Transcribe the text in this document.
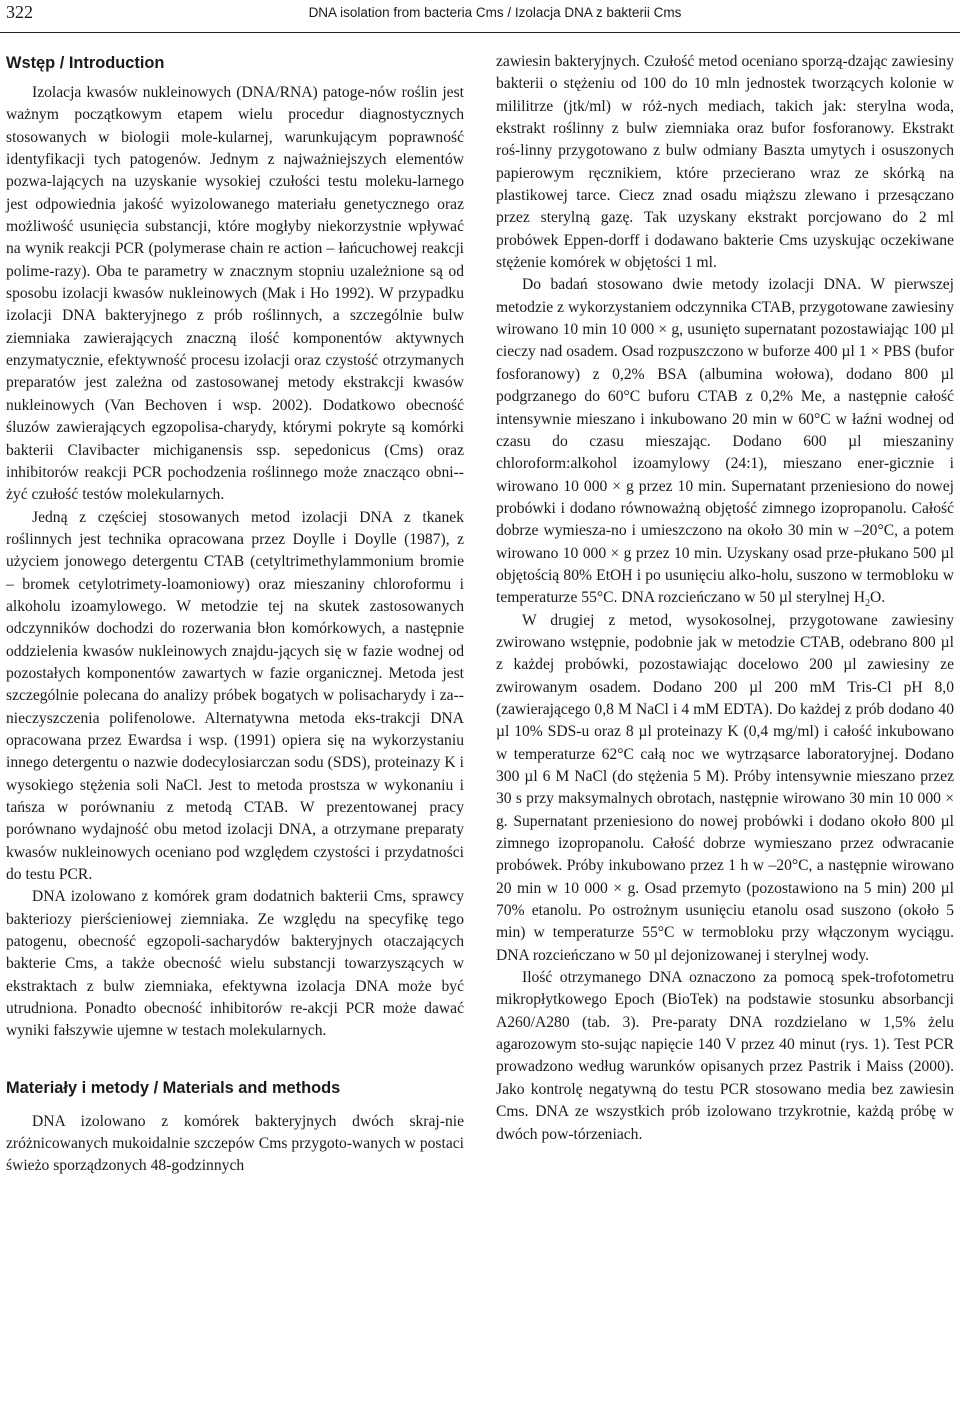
322	DNA isolation from bacteria Cms / Izolacja DNA z bakterii Cms
Wstęp / Introduction

Izolacja kwasów nukleinowych (DNA/RNA) patoge-nów roślin jest ważnym początkowym etapem wielu procedur diagnostycznych stosowanych w biologii mole-kularnej, warunkującym poprawność identyfikacji tych patogenów. Jednym z najważniejszych elementów pozwa-lających na uzyskanie wysokiej czułości testu moleku-larnego jest odpowiednia jakość wyizolowanego materiału genetycznego oraz możliwość usunięcia substancji, które mogłyby niekorzystnie wpływać na wynik reakcji PCR (polymerase chain re action – łańcuchowej reakcji polime-razy). Oba te parametry w znacznym stopniu uzależnione są od sposobu izolacji kwasów nukleinowych (Mak i Ho 1992). W przypadku izolacji DNA bakteryjnego z prób roślinnych, a szczególnie bulw ziemniaka zawierających znaczną ilość komponentów aktywnych enzymatycznie, efektywność procesu izolacji oraz czystość otrzymanych preparatów jest zależna od zastosowanej metody ekstrakcji kwasów nukleinowych (Van Bechoven i wsp. 2002). Dodatkowo obecność śluzów zawierających egzopolisa-charydy, którymi pokryte są komórki bakterii Clavibacter michiganensis ssp. sepedonicus (Cms) oraz inhibitorów reakcji PCR pochodzenia roślinnego może znacząco obni-żyć czułość testów molekularnych.

Jedną z częściej stosowanych metod izolacji DNA z tkanek roślinnych jest technika opracowana przez Doylle i Doylle (1987), z użyciem jonowego detergentu CTAB (cetyltrimethylammonium bromie – bromek cetylotrimety-loamoniowy) oraz mieszaniny chloroformu i alkoholu izoamylowego. W metodzie tej na skutek zastosowanych odczynników dochodzi do rozerwania błon komórkowych, a następnie oddzielenia kwasów nukleinowych znajdu-jących się w fazie wodnej od pozostałych komponentów zawartych w fazie organicznej. Metoda jest szczególnie polecana do analizy próbek bogatych w polisacharydy i za-nieczyszczenia polifenolowe. Alternatywna metoda eks-trakcji DNA opracowana przez Ewardsa i wsp. (1991) opiera się na wykorzystaniu innego detergentu o nazwie dodecylosiarczan sodu (SDS), proteinazy K i wysokiego stężenia soli NaCl. Jest to metoda prostsza w wykonaniu i tańsza w porównaniu z metodą CTAB. W prezentowanej pracy porównano wydajność obu metod izolacji DNA, a otrzymane preparaty kwasów nukleinowych oceniano pod względem czystości i przydatności do testu PCR.

DNA izolowano z komórek gram dodatnich bakterii Cms, sprawcy bakteriozy pierścieniowej ziemniaka. Ze względu na specyfikę tego patogenu, obecność egzopoli-sacharydów bakteryjnych otaczających bakterie Cms, a także obecność wielu substancji towarzyszących w ekstraktach z bulw ziemniaka, efektywna izolacja DNA może być utrudniona. Ponadto obecność inhibitorów re-akcji PCR może dawać wyniki fałszywie ujemne w testach molekularnych.

Materiały i metody / Materials and methods

DNA izolowano z komórek bakteryjnych dwóch skraj-nie zróżnicowanych mukoidalnie szczepów Cms przygoto-wanych w postaci świeżo sporządzonych 48-godzinnych

zawiesin bakteryjnych. Czułość metod oceniano sporzą-dzając zawiesiny bakterii o stężeniu od 100 do 10 mln jednostek tworzących kolonie w mililitrze (jtk/ml) w róż-nych mediach, takich jak: sterylna woda, ekstrakt roślinny z bulw ziemniaka oraz bufor fosforanowy. Ekstrakt roś-linny przygotowano z bulw odmiany Baszta umytych i osuszonych papierowym ręcznikiem, które przecierano wraz ze skórką na plastikowej tarce. Ciecz znad osadu miąższu zlewano i przesączano przez sterylną gazę. Tak uzyskany ekstrakt porcjowano do 2 ml probówek Eppen-dorff i dodawano bakterie Cms uzyskując oczekiwane stężenie komórek w objętości 1 ml.

Do badań stosowano dwie metody izolacji DNA. W pierwszej metodzie z wykorzystaniem odczynnika CTAB, przygotowane zawiesiny wirowano 10 min 10 000 × g, usunięto supernatant pozostawiając 100 µl cieczy nad osadem. Osad rozpuszczono w buforze 400 µl 1 × PBS (bufor fosforanowy) z 0,2% BSA (albumina wołowa), dodano 800 µl podgrzanego do 60°C buforu CTAB z 0,2% Me, a następnie całość intensywnie mieszano i inkubowano 20 min w 60°C w łaźni wodnej od czasu do czasu mieszając. Dodano 600 µl mieszaniny chloroform:alkohol izoamylowy (24:1), mieszano ener-gicznie i wirowano 10 000 × g przez 10 min. Supernatant przeniesiono do nowej probówki i dodano równoważną objętość zimnego izopropanolu. Całość dobrze wymiesza-no i umieszczono na około 30 min w –20°C, a potem wirowano 10 000 × g przez 10 min. Uzyskany osad prze-płukano 500 µl objętością 80% EtOH i po usunięciu alko-holu, suszono w termobloku w temperaturze 55°C. DNA rozcieńczano w 50 µl sterylnej $H_2O$.

W drugiej z metod, wysokosolnej, przygotowane zawiesiny zwirowano wstępnie, podobnie jak w metodzie CTAB, odebrano 800 µl z każdej probówki, pozostawiając docelowo 200 µl zawiesiny ze zwirowanym osadem. Dodano 200 µl 200 mM Tris-Cl pH 8,0 (zawierającego 0,8 M NaCl i 4 mM EDTA). Do każdej z prób dodano 40 µl 10% SDS-u oraz 8 µl proteinazy K (0,4 mg/ml) i całość inkubowano w temperaturze 62°C całą noc we wytrząsarce laboratoryjnej. Dodano 300 µl 6 M NaCl (do stężenia 5 M). Próby intensywnie mieszano przez 30 s przy maksymalnych obrotach, następnie wirowano 30 min 10 000 × g. Supernatant przeniesiono do nowej probówki i dodano około 800 µl zimnego izopropanolu. Całość dobrze wymieszano przez odwracanie probówek. Próby inkubowano przez 1 h w –20°C, a następnie wirowano 20 min w 10 000 × g. Osad przemyto (pozostawiono na 5 min) 200 µl 70% etanolu. Po ostrożnym usunięciu etanolu osad suszono (około 5 min) w temperaturze 55°C w termobloku przy włączonym wyciągu. DNA rozcieńczano w 50 µl dejonizowanej i sterylnej wody.

Ilość otrzymanego DNA oznaczono za pomocą spek-trofotometru mikropłytkowego Epoch (BioTek) na podstawie stosunku absorbancji A260/A280 (tab. 3). Pre-paraty DNA rozdzielano w 1,5% żelu agarozowym sto-sując napięcie 140 V przez 40 minut (rys. 1). Test PCR prowadzono według warunków opisanych przez Pastrik i Maiss (2000). Jako kontrolę negatywną do testu PCR stosowano media bez zawiesin Cms. DNA ze wszystkich prób izolowano trzykrotnie, każdą próbę w dwóch pow-tórzeniach.
